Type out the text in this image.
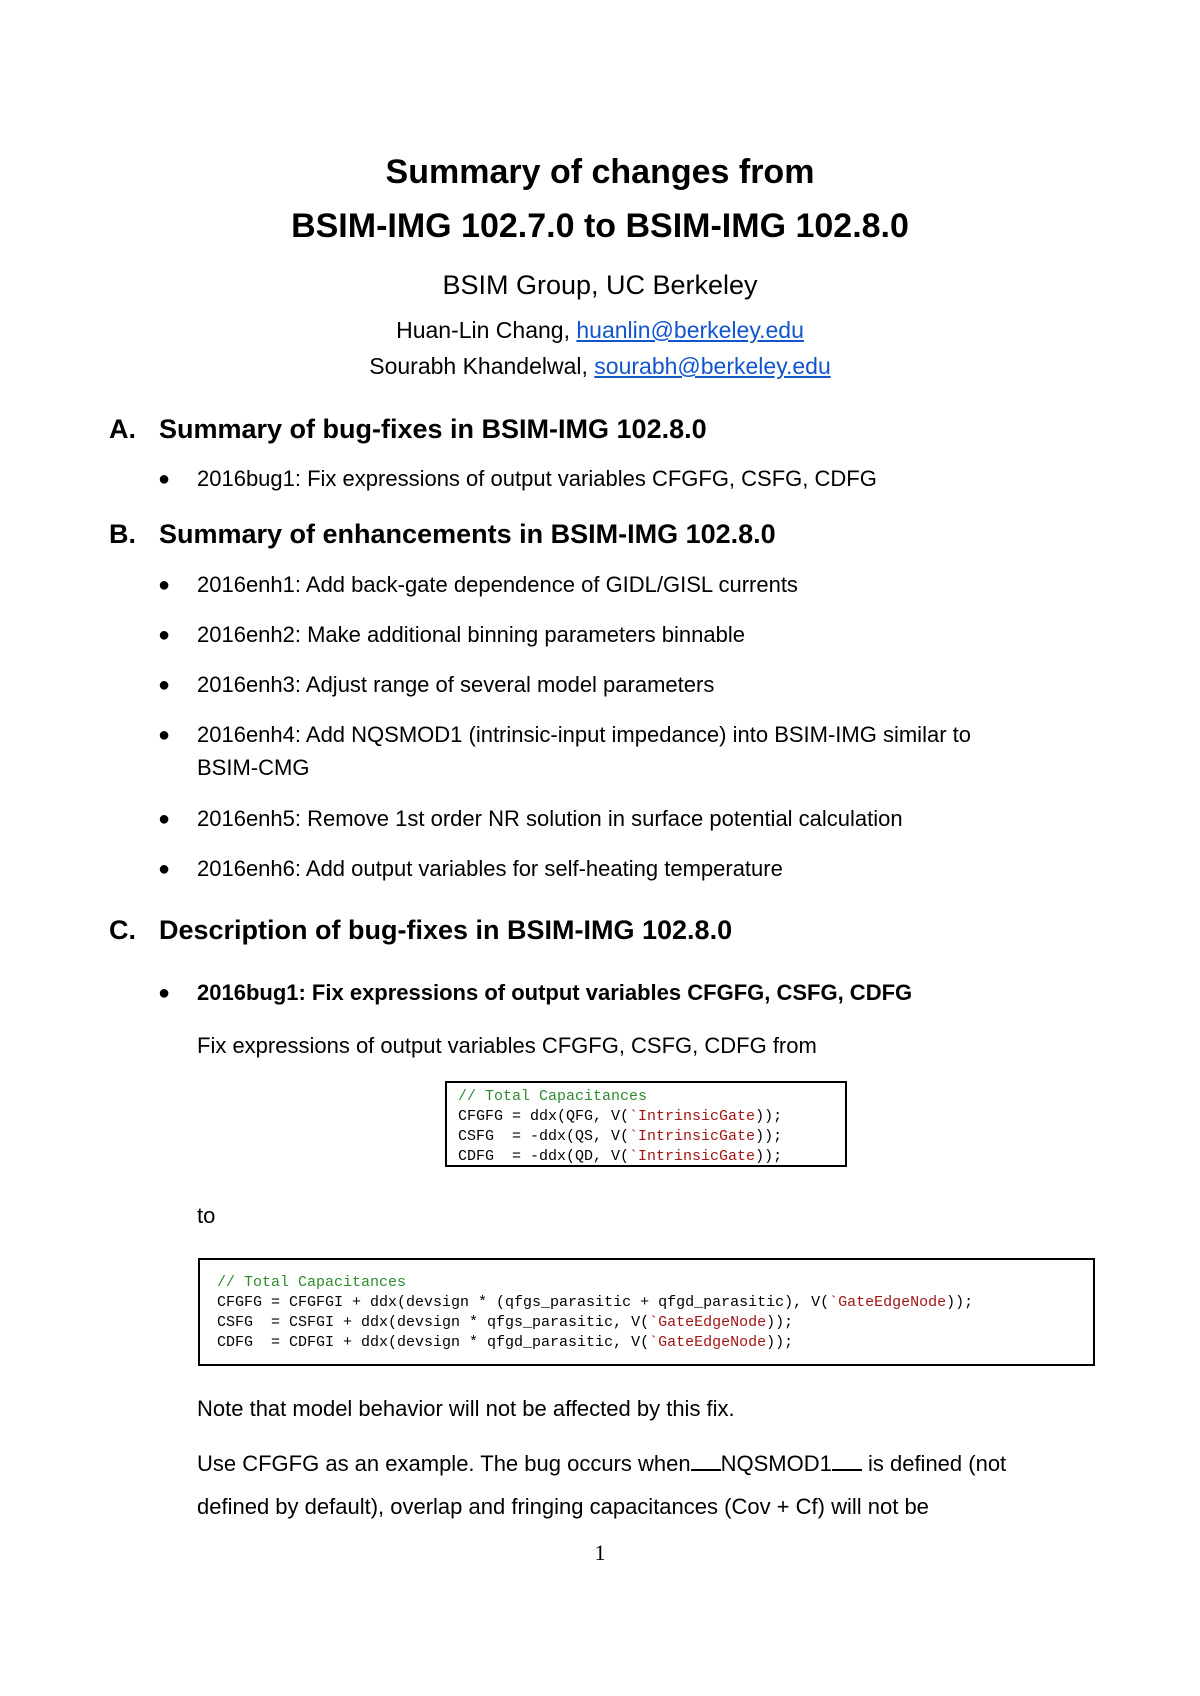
Summary of changes from
BSIM-IMG 102.7.0 to BSIM-IMG 102.8.0
BSIM Group, UC Berkeley
Huan-Lin Chang, huanlin@berkeley.edu
Sourabh Khandelwal, sourabh@berkeley.edu
A. Summary of bug-fixes in BSIM-IMG 102.8.0
●	2016bug1: Fix expressions of output variables CFGFG, CSFG, CDFG
B. Summary of enhancements in BSIM-IMG 102.8.0
●	2016enh1: Add back-gate dependence of GIDL/GISL currents
●	2016enh2: Make additional binning parameters binnable
●	2016enh3: Adjust range of several model parameters
●	2016enh4: Add NQSMOD1 (intrinsic-input impedance) into BSIM-IMG similar to
BSIM-CMG
●	2016enh5: Remove 1st order NR solution in surface potential calculation
●	2016enh6: Add output variables for self-heating temperature
C. Description of bug-fixes in BSIM-IMG 102.8.0
●	2016bug1: Fix expressions of output variables CFGFG, CSFG, CDFG
Fix expressions of output variables CFGFG, CSFG, CDFG from
// Total Capacitances
CFGFG = ddx(QFG, V(`IntrinsicGate));
CSFG  = -ddx(QS, V(`IntrinsicGate));
CDFG  = -ddx(QD, V(`IntrinsicGate));
to
// Total Capacitances
CFGFG = CFGFGI + ddx(devsign * (qfgs_parasitic + qfgd_parasitic), V(`GateEdgeNode));
CSFG  = CSFGI + ddx(devsign * qfgs_parasitic, V(`GateEdgeNode));
CDFG  = CDFGI + ddx(devsign * qfgd_parasitic, V(`GateEdgeNode));
Note that model behavior will not be affected by this fix.
Use CFGFG as an example. The bug occurs when NQSMOD1 is defined (not
defined by default), overlap and fringing capacitances (Cov + Cf) will not be
1
